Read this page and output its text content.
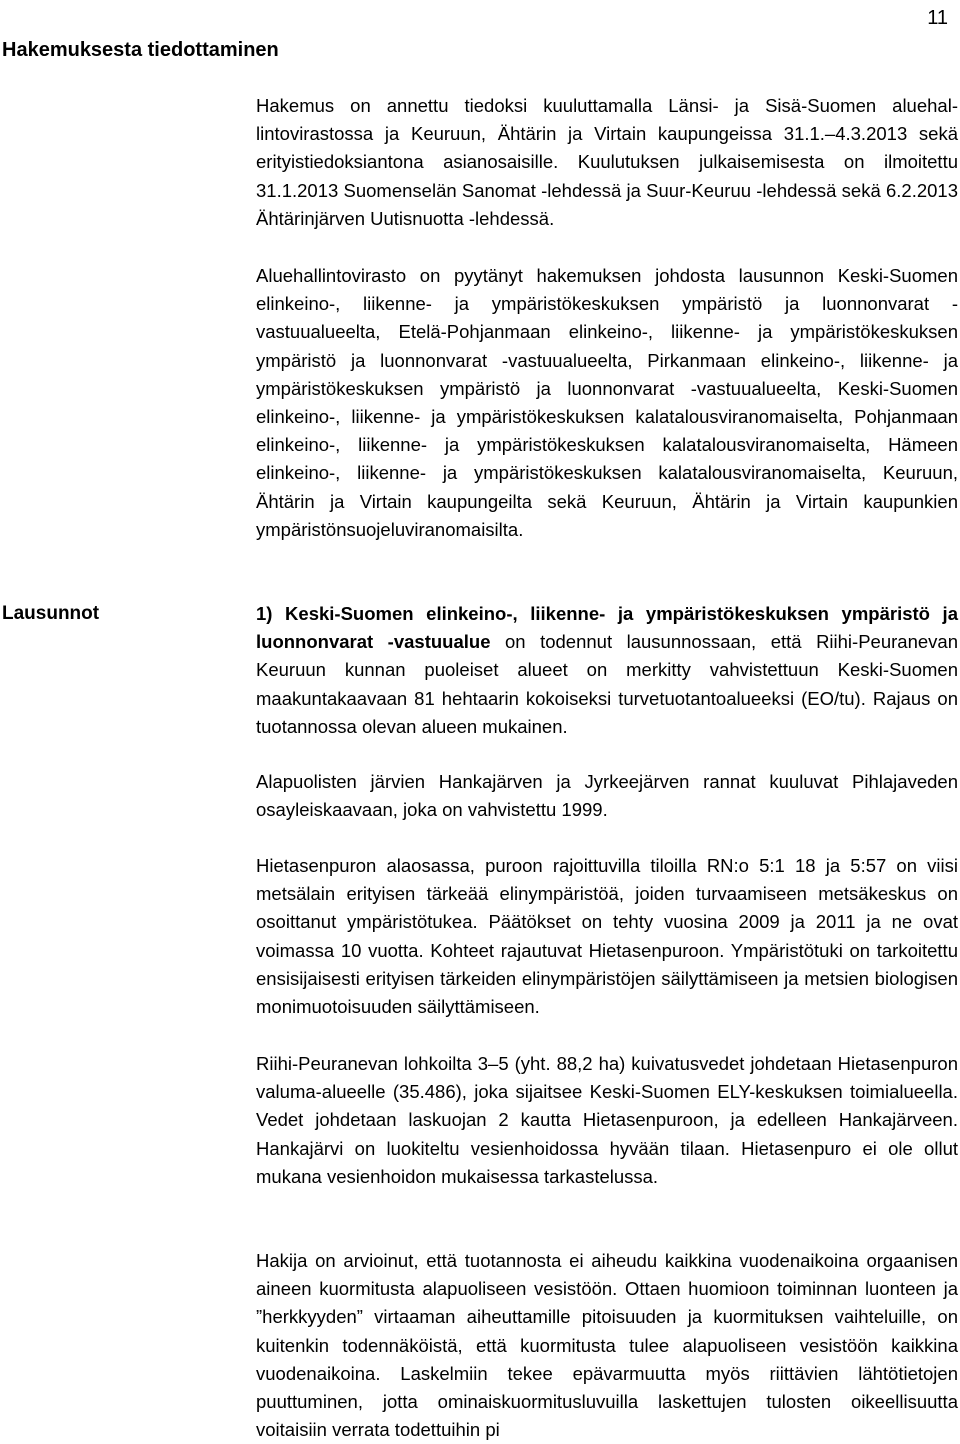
11
Hakemuksesta tiedottaminen

Hakemus on annettu tiedoksi kuuluttamalla Länsi- ja Sisä-Suomen aluehallintovirastossa ja Keuruun, Ähtärin ja Virtain kaupungeissa 31.1.–4.3.2013 sekä erityistiedoksiantona asianosaisille. Kuulutuksen julkaisemisesta on ilmoitettu 31.1.2013 Suomenselän Sanomat -lehdessä ja Suur-Keuruu -lehdessä sekä 6.2.2013 Ähtärinjärven Uutisnuotta -lehdessä.

Aluehallintovirasto on pyytänyt hakemuksen johdosta lausunnon Keski-Suomen elinkeino-, liikenne- ja ympäristökeskuksen ympäristö ja luonnonvarat -vastuualueelta, Etelä-Pohjanmaan elinkeino-, liikenne- ja ympäristökeskuksen ympäristö ja luonnonvarat -vastuualueelta, Pirkanmaan elinkeino-, liikenne- ja ympäristökeskuksen ympäristö ja luonnonvarat -vastuualueelta, Keski-Suomen elinkeino-, liikenne- ja ympäristökeskuksen kalatalousviranomaiselta, Pohjanmaan elinkeino-, liikenne- ja ympäristökeskuksen kalatalousviranomaiselta, Hämeen elinkeino-, liikenne- ja ympäristökeskuksen kalatalousviranomaiselta, Keuruun, Ähtärin ja Virtain kaupungeilta sekä Keuruun, Ähtärin ja Virtain kaupunkien ympäristönsuojeluviranomaisilta.

Lausunnot	1) Keski-Suomen elinkeino-, liikenne- ja ympäristökeskuksen ympäristö ja luonnonvarat -vastuualue on todennut lausunnossaan, että Riihi-Peuranevan Keuruun kunnan puoleiset alueet on merkitty vahvistettuun Keski-Suomen maakuntakaavaan 81 hehtaarin kokoiseksi turvetuotantoalueeksi (EO/tu). Rajaus on tuotannossa olevan alueen mukainen.

Alapuolisten järvien Hankajärven ja Jyrkeejärven rannat kuuluvat Pihlajaveden osayleiskaavaan, joka on vahvistettu 1999.

Hietasenpuron alaosassa, puroon rajoittuvilla tiloilla RN:o 5:1 18 ja 5:57 on viisi metsälain erityisen tärkeää elinympäristöä, joiden turvaamiseen metsäkeskus on osoittanut ympäristötukea. Päätökset on tehty vuosina 2009 ja 2011 ja ne ovat voimassa 10 vuotta. Kohteet rajautuvat Hietasenpuroon. Ympäristötuki on tarkoitettu ensisijaisesti erityisen tärkeiden elinympäristöjen säilyttämiseen ja metsien biologisen monimuotoisuuden säilyttämiseen.

Riihi-Peuranevan lohkoilta 3–5 (yht. 88,2 ha) kuivatusvedet johdetaan Hietasenpuron valuma-alueelle (35.486), joka sijaitsee Keski-Suomen ELY-keskuksen toimialueella. Vedet johdetaan laskuojan 2 kautta Hietasenpuroon, ja edelleen Hankajärveen. Hankajärvi on luokiteltu vesienhoidossa hyvään tilaan. Hietasenpuro ei ole ollut mukana vesienhoidon mukaisessa tarkastelussa.

Hakija on arvioinut, että tuotannosta ei aiheudu kaikkina vuodenaikoina orgaanisen aineen kuormitusta alapuoliseen vesistöön. Ottaen huomioon toiminnan luonteen ja ”herkkyyden” virtaaman aiheuttamille pitoisuuden ja kuormituksen vaihteluille, on kuitenkin todennäköistä, että kuormitusta tulee alapuoliseen vesistöön kaikkina vuodenaikoina. Laskelmiin tekee epävarmuutta myös riittävien lähtötietojen puuttuminen, jotta ominaiskuormitusluvuilla laskettujen tulosten oikeellisuutta voitaisiin verrata todettuihin pi
